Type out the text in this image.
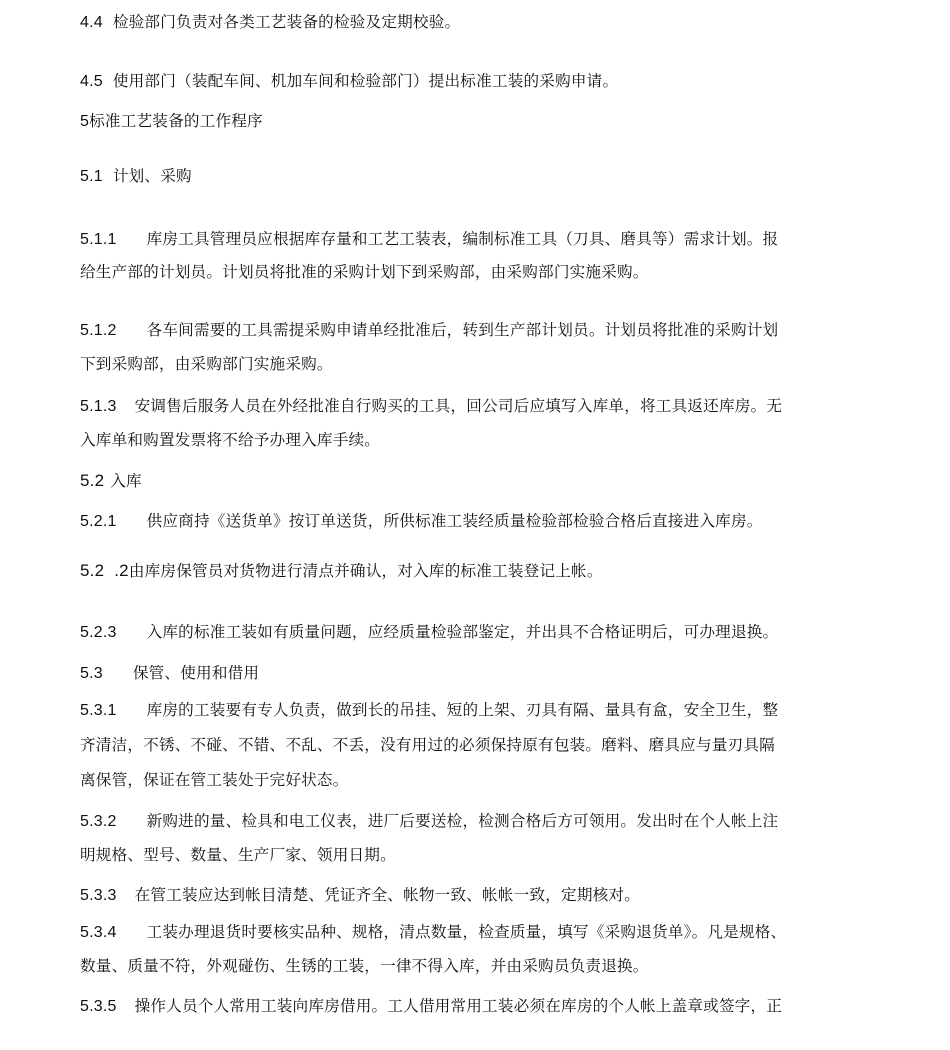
4.4 检验部门负责对各类工艺装备的检验及定期校验。
4.5 使用部门（装配车间、机加车间和检验部门）提出标准工装的采购申请。
5标准工艺装备的工作程序
5.1 计划、采购
5.1.1 库房工具管理员应根据库存量和工艺工装表，编制标准工具（刀具、磨具等）需求计划。报
给生产部的计划员。计划员将批准的采购计划下到采购部，由采购部门实施采购。
5.1.2 各车间需要的工具需提采购申请单经批准后，转到生产部计划员。计划员将批准的采购计划
下到采购部，由采购部门实施采购。
5.1.3 安调售后服务人员在外经批准自行购买的工具，回公司后应填写入库单，将工具返还库房。无
入库单和购置发票将不给予办理入库手续。
5.2 入库
5.2.1 供应商持《送货单》按订单送货，所供标准工装经质量检验部检验合格后直接进入库房。
5.2 .2由库房保管员对货物进行清点并确认，对入库的标准工装登记上帐。
5.2.3 入库的标准工装如有质量问题，应经质量检验部鉴定，并出具不合格证明后，可办理退换。
5.3 保管、使用和借用
5.3.1 库房的工装要有专人负责，做到长的吊挂、短的上架、刃具有隔、量具有盒，安全卫生，整
齐清洁，不锈、不碰、不错、不乱、不丢，没有用过的必须保持原有包装。磨料、磨具应与量刃具隔
离保管，保证在管工装处于完好状态。
5.3.2 新购进的量、检具和电工仪表，进厂后要送检，检测合格后方可领用。发出时在个人帐上注
明规格、型号、数量、生产厂家、领用日期。
5.3.3 在管工装应达到帐目清楚、凭证齐全、帐物一致、帐帐一致，定期核对。
5.3.4 工装办理退货时要核实品种、规格，清点数量，检查质量，填写《采购退货单》。凡是规格、
数量、质量不符，外观碰伤、生锈的工装，一律不得入库，并由采购员负责退换。
5.3.5 操作人员个人常用工装向库房借用。工人借用常用工装必须在库房的个人帐上盖章或签字，正
